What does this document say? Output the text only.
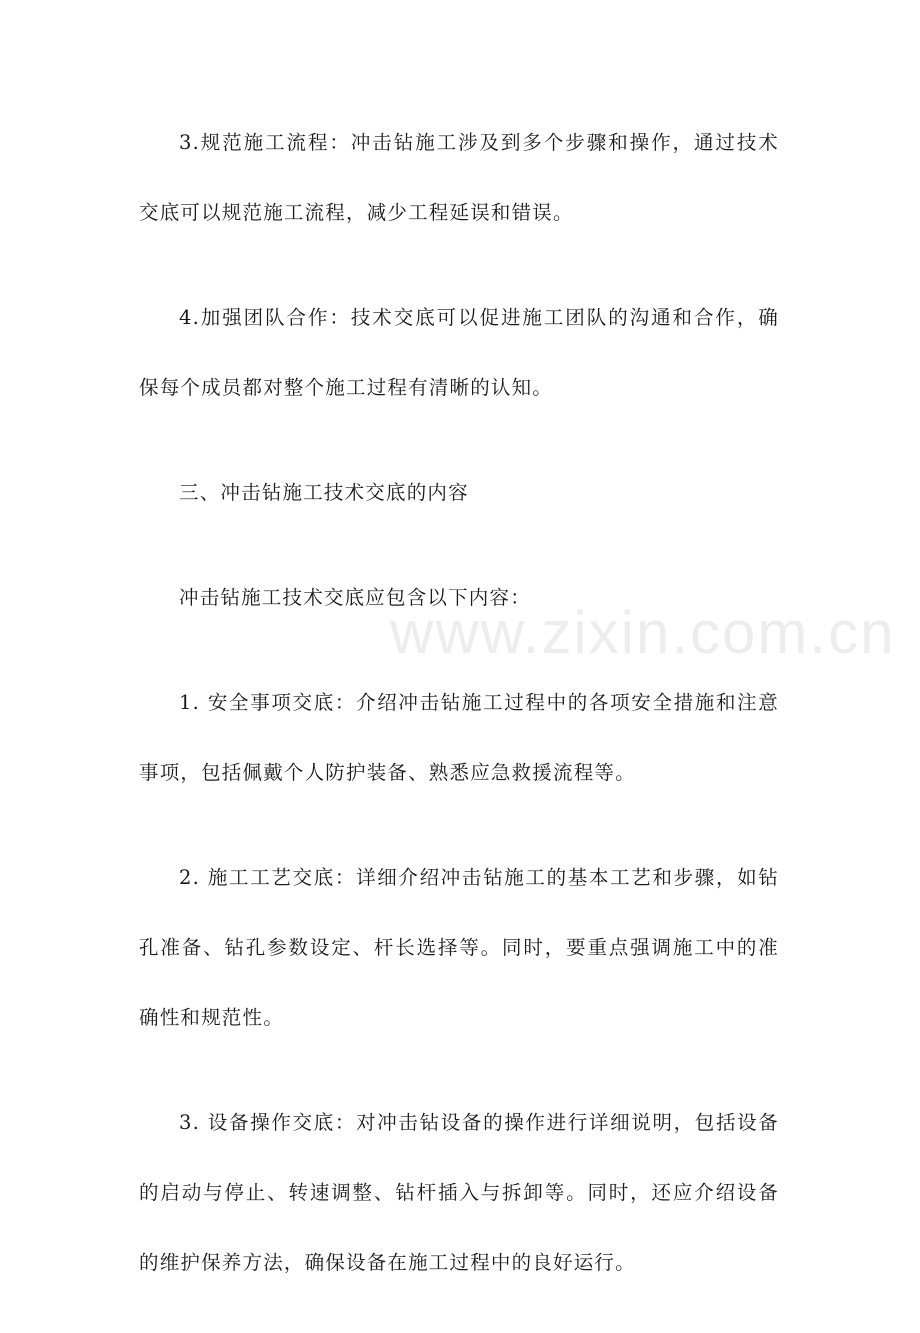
3.规范施工流程：冲击钻施工涉及到多个步骤和操作，通过技术交底可以规范施工流程，减少工程延误和错误。

4.加强团队合作：技术交底可以促进施工团队的沟通和合作，确保每个成员都对整个施工过程有清晰的认知。

三、冲击钻施工技术交底的内容

冲击钻施工技术交底应包含以下内容：

1. 安全事项交底：介绍冲击钻施工过程中的各项安全措施和注意事项，包括佩戴个人防护装备、熟悉应急救援流程等。

2. 施工工艺交底：详细介绍冲击钻施工的基本工艺和步骤，如钻孔准备、钻孔参数设定、杆长选择等。同时，要重点强调施工中的准确性和规范性。

3. 设备操作交底：对冲击钻设备的操作进行详细说明，包括设备的启动与停止、转速调整、钻杆插入与拆卸等。同时，还应介绍设备的维护保养方法，确保设备在施工过程中的良好运行。

www.zixin.com.cn
